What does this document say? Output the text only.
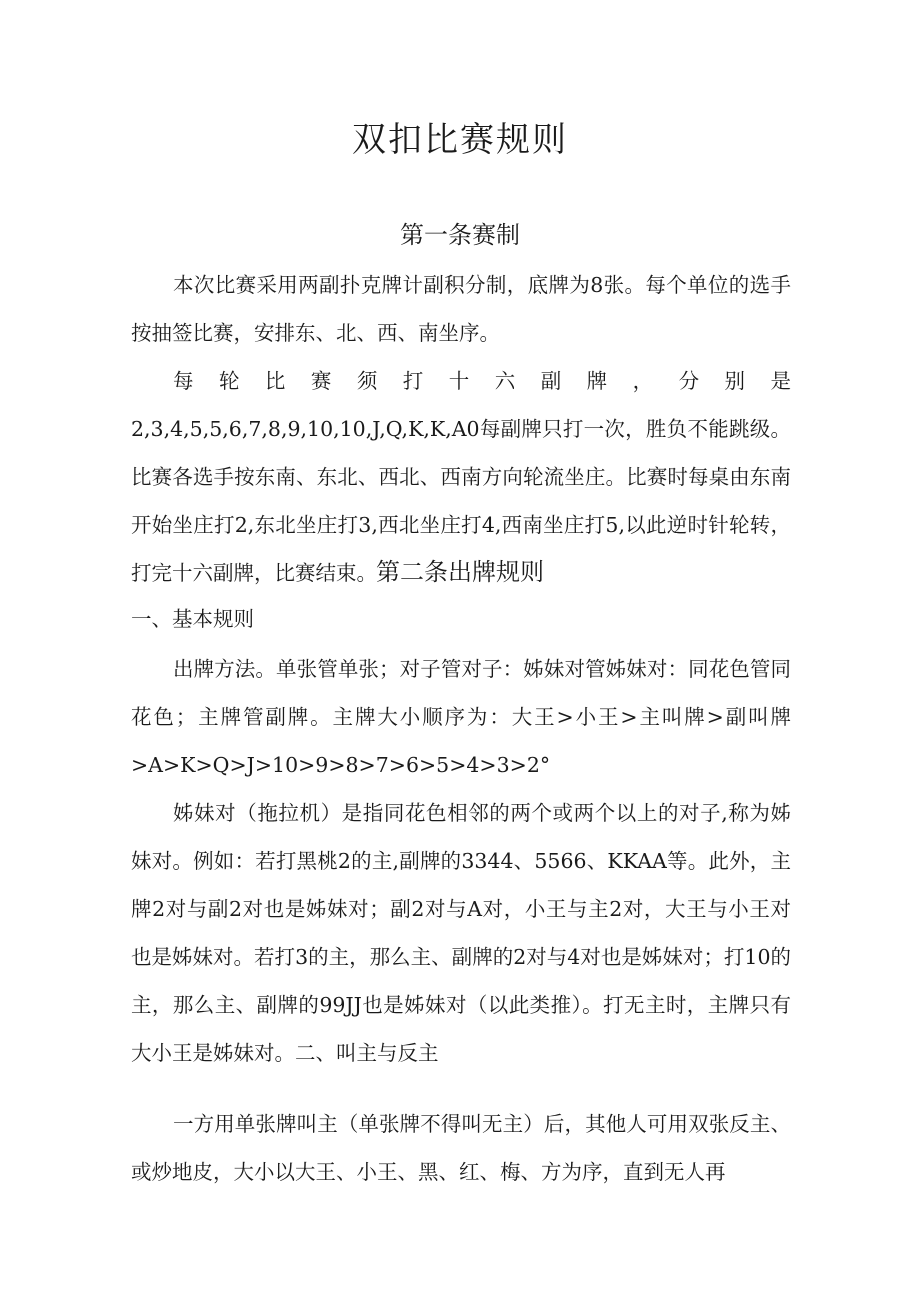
双扣比赛规则
第一条赛制

本次比赛采用两副扑克牌计副积分制，底牌为8张。每个单位的选手按抽签比赛，安排东、北、西、南坐序。

每轮比赛须打十六副牌，分别是2,3,4,5,5,6,7,8,9,10,10,J,Q,K,K,A0每副牌只打一次，胜负不能跳级。比赛各选手按东南、东北、西北、西南方向轮流坐庄。比赛时每桌由东南开始坐庄打2,东北坐庄打3,西北坐庄打4,西南坐庄打5,以此逆时针轮转，打完十六副牌，比赛结束。 第二条出牌规则
一、基本规则

出牌方法。单张管单张；对子管对子：姊妹对管姊妹对：同花色管同花色；主牌管副牌。主牌大小顺序为：大王>小王>主叫牌>副叫牌>A>K>Q>J>10>9>8>7>6>5>4>3>2°

姊妹对（拖拉机）是指同花色相邻的两个或两个以上的对子,称为姊妹对。例如：若打黑桃2的主,副牌的3344、5566、KKAA等。此外，主牌2对与副2对也是姊妹对；副2对与A对，小王与主2对，大王与小王对也是姊妹对。若打3的主，那么主、副牌的2对与4对也是姊妹对；打10的主，那么主、副牌的99JJ也是姊妹对（以此类推）。打无主时，主牌只有大小王是姊妹对。二、叫主与反主

一方用单张牌叫主（单张牌不得叫无主）后，其他人可用双张反主、或炒地皮，大小以大王、小王、黑、红、梅、方为序，直到无人再
